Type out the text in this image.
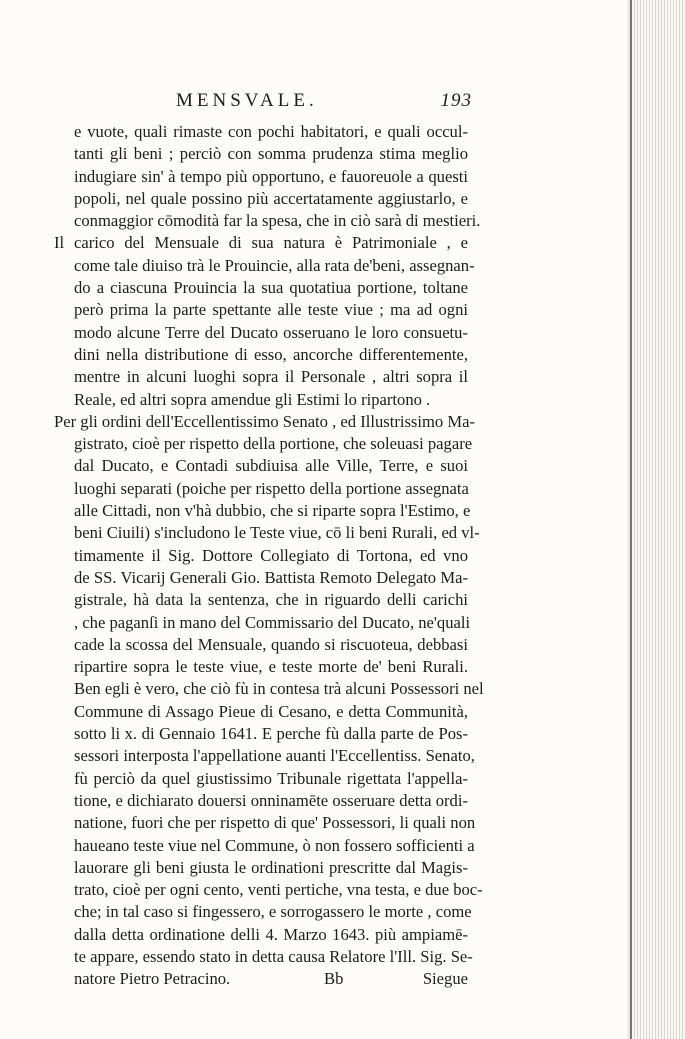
MENSVALE.	193
e vuote, quali rimaste con pochi habitatori, e quali occul-
tanti gli beni ; perciò con somma prudenza stima meglio
indugiare sin' à tempo più opportuno, e fauoreuole a questi
popoli, nel quale possino più accertatamente aggiustarlo, e
conmaggior cōmodità far la spesa, che in ciò sarà di mestieri.
Il carico del Mensuale di sua natura è Patrimoniale , e
come tale diuiso trà le Prouincie, alla rata de'beni, assegnan-
do a ciascuna Prouincia la sua quotatiua portione, toltane
però prima la parte spettante alle teste viue ; ma ad ogni
modo alcune Terre del Ducato osseruano le loro consuetu-
dini nella distributione di esso, ancorche differentemente,
mentre in alcuni luoghi sopra il Personale , altri sopra il
Reale, ed altri sopra amendue gli Estimi lo ripartono .
Per gli ordini dell'Eccellentissimo Senato , ed Illustrissimo Ma-
gistrato, cioè per rispetto della portione, che soleuasi pagare
dal Ducato, e Contadi subdiuisa alle Ville, Terre, e suoi
luoghi separati (poiche per rispetto della portione assegnata
alle Cittadi, non v'hà dubbio, che si riparte sopra l'Estimo, e
beni Ciuili) s'includono le Teste viue, cō li beni Rurali, ed vl-
timamente il Sig. Dottore Collegiato di Tortona, ed vno
de SS. Vicarij Generali Gio. Battista Remoto Delegato Ma-
gistrale, hà data la sentenza, che in riguardo delli carichi
, che paganſi in mano del Commissario del Ducato, ne'quali
cade la scossa del Mensuale, quando si riscuoteua, debbasi
ripartire sopra le teste viue, e teste morte de' beni Rurali.
Ben egli è vero, che ciò fù in contesa trà alcuni Possessori nel
Commune di Assago Pieue di Cesano, e detta Communità,
sotto li x. di Gennaio 1641. E perche fù dalla parte de Pos-
sessori interposta l'appellatione auanti l'Eccellentiss. Senato,
fù perciò da quel giustissimo Tribunale rigettata l'appella-
tione, e dichiarato douersi onninamēte osseruare detta ordi-
natione, fuori che per rispetto di que' Possessori, li quali non
haueano teste viue nel Commune, ò non fossero sofficienti a
lauorare gli beni giusta le ordinationi prescritte dal Magis-
trato, cioè per ogni cento, venti pertiche, vna testa, e due boc-
che; in tal caso si fingessero, e sorrogassero le morte , come
dalla detta ordinatione delli 4. Marzo 1643. più ampiamē-
te appare, essendo stato in detta causa Relatore l'Ill. Sig. Se-
natore Pietro Petracino.	Bb	Siegue
